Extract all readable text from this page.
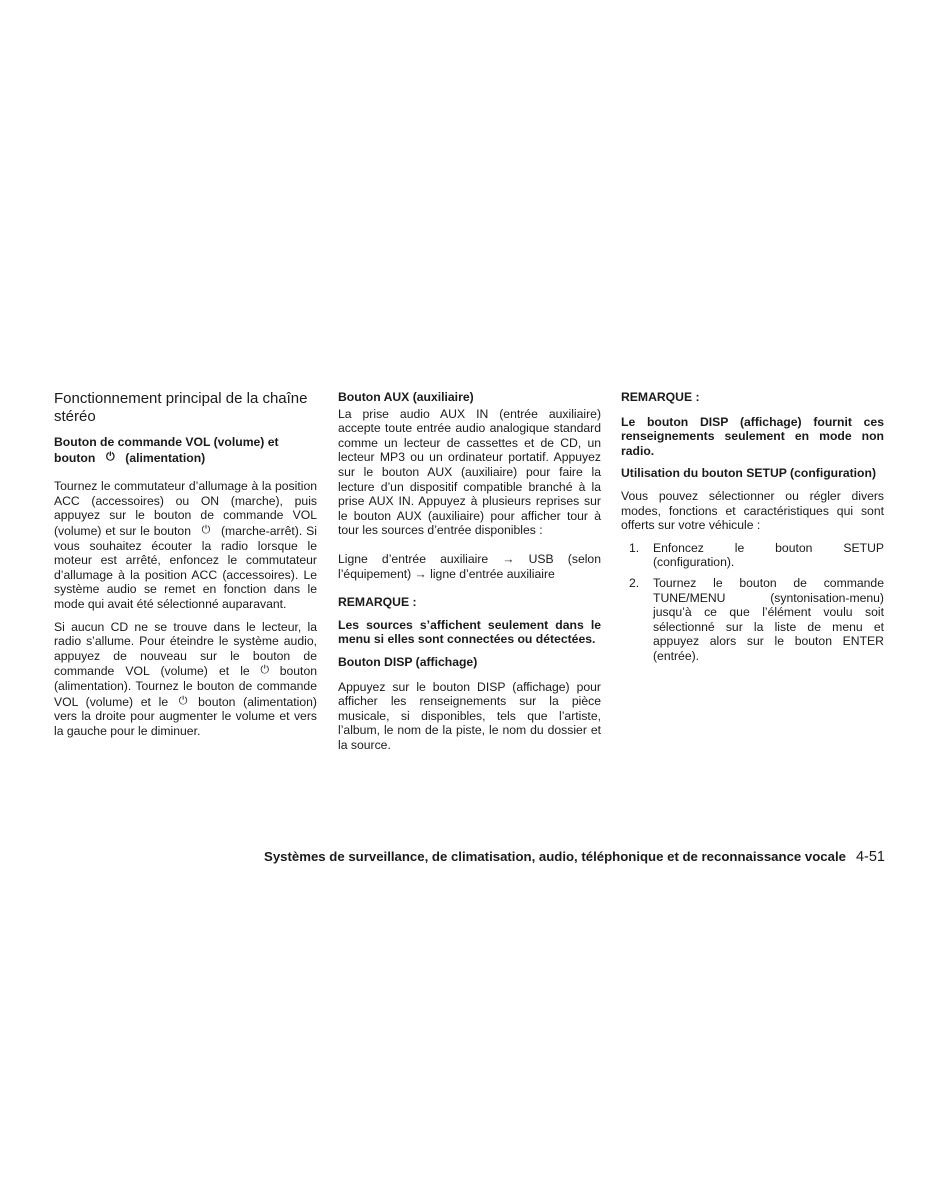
Fonctionnement principal de la chaîne stéréo
Bouton de commande VOL (volume) et
bouton ⏻ (alimentation)
Tournez le commutateur d’allumage à la position ACC (accessoires) ou ON (marche), puis appuyez sur le bouton de commande VOL (volume) et sur le bouton ⏻ (marche-arrêt). Si vous souhaitez écouter la radio lorsque le moteur est arrêté, enfoncez le commutateur d’allumage à la position ACC (accessoires). Le système audio se remet en fonction dans le mode qui avait été sélectionné auparavant.
Si aucun CD ne se trouve dans le lecteur, la radio s’allume. Pour éteindre le système audio, appuyez de nouveau sur le bouton de commande VOL (volume) et le ⏻ bouton (alimentation). Tournez le bouton de commande VOL (volume) et le ⏻ bouton (alimentation) vers la droite pour augmenter le volume et vers la gauche pour le diminuer.
Bouton AUX (auxiliaire)
La prise audio AUX IN (entrée auxiliaire) accepte toute entrée audio analogique standard comme un lecteur de cassettes et de CD, un lecteur MP3 ou un ordinateur portatif. Appuyez sur le bouton AUX (auxiliaire) pour faire la lecture d’un dispositif compatible branché à la prise AUX IN. Appuyez à plusieurs reprises sur le bouton AUX (auxiliaire) pour afficher tour à tour les sources d’entrée disponibles :
Ligne d’entrée auxiliaire → USB (selon l’équipement) → ligne d’entrée auxiliaire
REMARQUE :
Les sources s’affichent seulement dans le menu si elles sont connectées ou détectées.
Bouton DISP (affichage)
Appuyez sur le bouton DISP (affichage) pour afficher les renseignements sur la pièce musicale, si disponibles, tels que l’artiste, l’album, le nom de la piste, le nom du dossier et la source.
REMARQUE :
Le bouton DISP (affichage) fournit ces renseignements seulement en mode non radio.
Utilisation du bouton SETUP (configuration)
Vous pouvez sélectionner ou régler divers modes, fonctions et caractéristiques qui sont offerts sur votre véhicule :
1.	Enfoncez le bouton SETUP (configuration).
2.	Tournez le bouton de commande TUNE/MENU (syntonisation-menu) jusqu’à ce que l’élément voulu soit sélectionné sur la liste de menu et appuyez alors sur le bouton ENTER (entrée).
Systèmes de surveillance, de climatisation, audio, téléphonique et de reconnaissance vocale 4-51
